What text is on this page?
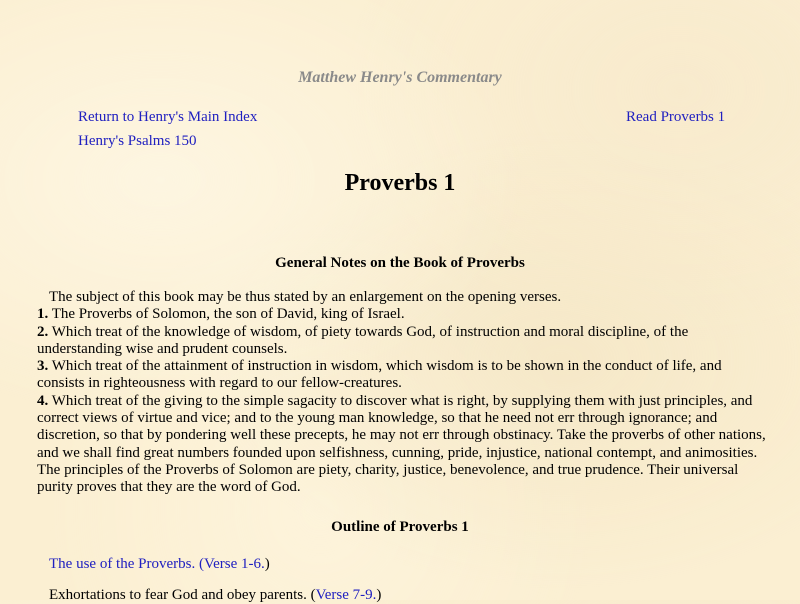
Matthew Henry's Commentary
Return to Henry's Main Index
Henry's Psalms 150
Read Proverbs 1
Proverbs 1
General Notes on the Book of Proverbs
The subject of this book may be thus stated by an enlargement on the opening verses.
1. The Proverbs of Solomon, the son of David, king of Israel.
2. Which treat of the knowledge of wisdom, of piety towards God, of instruction and moral discipline, of the understanding wise and prudent counsels.
3. Which treat of the attainment of instruction in wisdom, which wisdom is to be shown in the conduct of life, and consists in righteousness with regard to our fellow-creatures.
4. Which treat of the giving to the simple sagacity to discover what is right, by supplying them with just principles, and correct views of virtue and vice; and to the young man knowledge, so that he need not err through ignorance; and discretion, so that by pondering well these precepts, he may not err through obstinacy. Take the proverbs of other nations, and we shall find great numbers founded upon selfishness, cunning, pride, injustice, national contempt, and animosities. The principles of the Proverbs of Solomon are piety, charity, justice, benevolence, and true prudence. Their universal purity proves that they are the word of God.
Outline of Proverbs 1
The use of the Proverbs. (Verse 1-6.)
Exhortations to fear God and obey parents. (Verse 7-9.)
